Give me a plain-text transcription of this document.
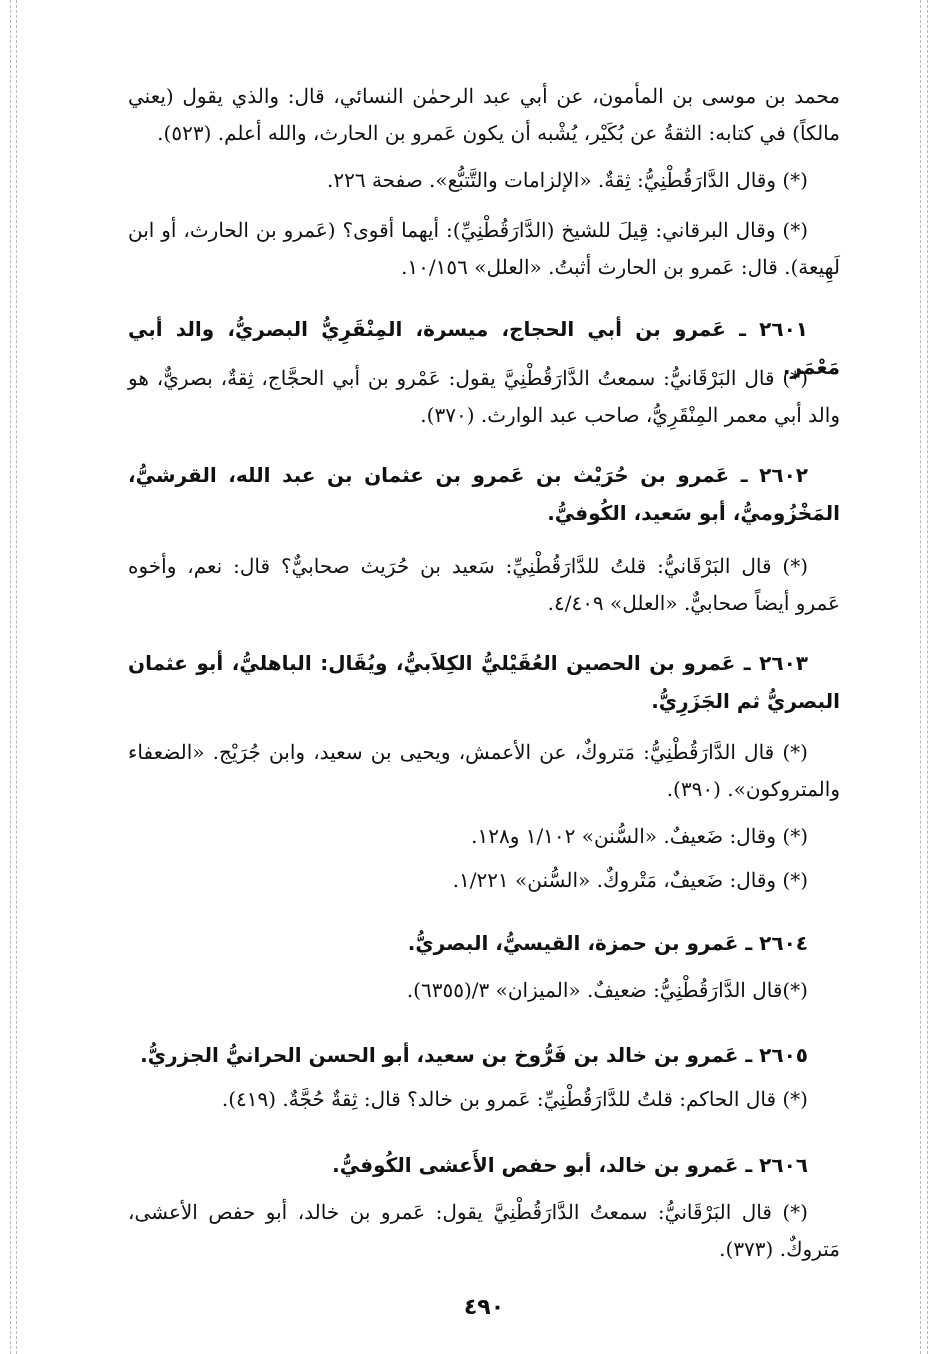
محمد بن موسى بن المأمون، عن أبي عبد الرحمٰن النسائي، قال: والذي يقول (يعني مالكاً) في كتابه: الثقةُ عن بُكَيْر، يُشْبه أن يكون عَمرو بن الحارث، والله أعلم. (٥٢٣).

(*) وقال الدَّارَقُطْنِيُّ: ثِقةٌ. «الإلزامات والتَّتبُّع». صفحة ٢٢٦.

(*) وقال البرقاني: قِيلَ للشيخ (الدَّارَقُطْنِيِّ): أيهما أقوى؟ (عَمرو بن الحارث، أو ابن لَهِيعة). قال: عَمرو بن الحارث أثبتُ. «العلل» ١٠/١٥٦.

٢٦٠١ ـ عَمرو بن أبي الحجاج، ميسرة، المِنْقَرِيُّ البصريُّ، والد أبي مَعْمَر.

(*) قال البَرْقَانيُّ: سمعتُ الدَّارَقُطْنِيَّ يقول: عَمْرو بن أبي الحجَّاج، ثِقةٌ، بصريٌّ، هو والد أبي معمر المِنْقَرِيُّ، صاحب عبد الوارث. (٣٧٠).

٢٦٠٢ ـ عَمرو بن حُرَيْث بن عَمرو بن عثمان بن عبد الله، القرشيُّ، المَخْزُوميُّ، أبو سَعيد، الكُوفيُّ.

(*) قال البَرْقَانيُّ: قلتُ للدَّارَقُطْنِيِّ: سَعيد بن حُرَيث صحابيٌّ؟ قال: نعم، وأخوه عَمرو أيضاً صحابيٌّ. «العلل» ٤/٤٠٩.

٢٦٠٣ ـ عَمرو بن الحصين العُقَيْليُّ الكِلاَبيُّ، ويُقَال: الباهليُّ، أبو عثمان البصريُّ ثم الجَزَرِيُّ.

(*) قال الدَّارَقُطْنِيُّ: مَتروكٌ، عن الأعمش، ويحيى بن سعيد، وابن جُرَيْج. «الضعفاء والمتروكون». (٣٩٠).

(*) وقال: ضَعيفٌ. «السُّنن» ١/١٠٢ و١٢٨.

(*) وقال: ضَعيفٌ، مَتْروكٌ. «السُّنن» ١/٢٢١.

٢٦٠٤ ـ عَمرو بن حمزة، القيسيُّ، البصريُّ.

(*)قال الدَّارَقُطْنِيُّ: ضعيفٌ. «الميزان» ٣/(٦٣٥٥).

٢٦٠٥ ـ عَمرو بن خالد بن فَرُّوخ بن سعيد، أبو الحسن الحرانيُّ الجزريُّ.

(*) قال الحاكم: قلتُ للدَّارَقُطْنِيِّ: عَمرو بن خالد؟ قال: ثِقةٌ حُجَّةٌ. (٤١٩).

٢٦٠٦ ـ عَمرو بن خالد، أبو حفص الأَعشى الكُوفيُّ.

(*) قال البَرْقَانيُّ: سمعتُ الدَّارَقُطْنِيَّ يقول: عَمرو بن خالد، أبو حفص الأعشى، مَتروكٌ. (٣٧٣).

٤٩٠
